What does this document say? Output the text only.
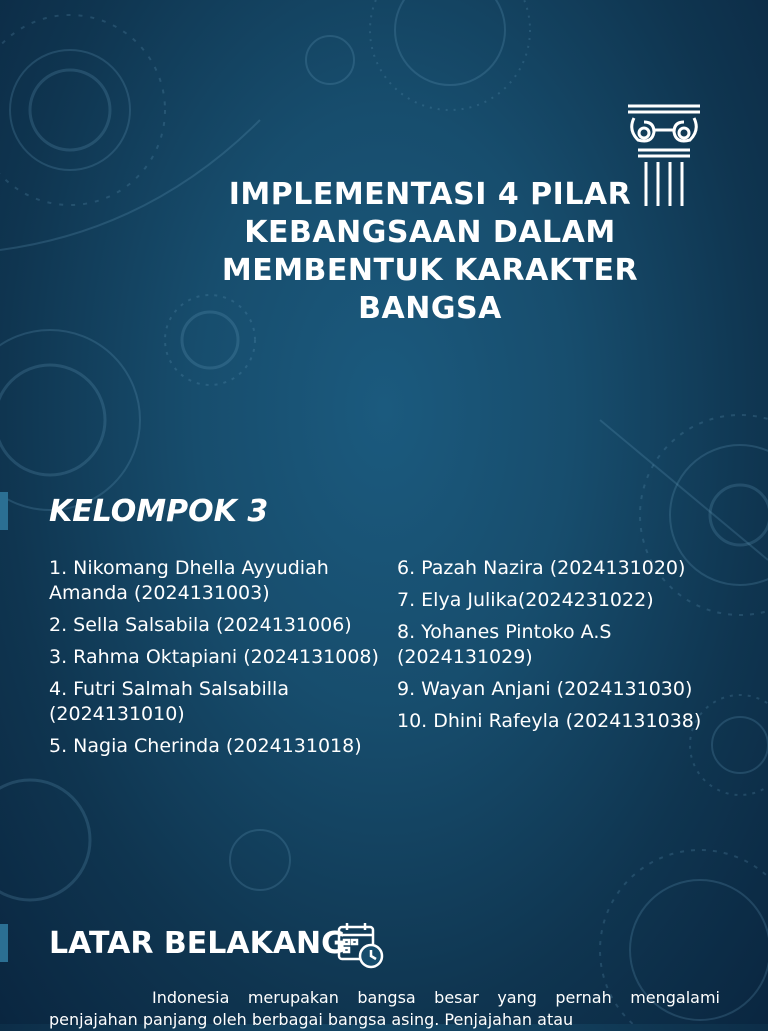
IMPLEMENTASI 4 PILAR
KEBANGSAAN DALAM
MEMBENTUK KARAKTER
BANGSA
KELOMPOK 3
1. Nikomang Dhella Ayyudiah Amanda (2024131003)
2. Sella Salsabila (2024131006)
3. Rahma Oktapiani (2024131008)
4. Futri Salmah Salsabilla (2024131010)
5. Nagia Cherinda (2024131018)
6. Pazah Nazira (2024131020)
7. Elya Julika(2024231022)
8. Yohanes Pintoko A.S (2024131029)
9. Wayan Anjani (2024131030)
10. Dhini Rafeyla (2024131038)
LATAR BELAKANG

Indonesia merupakan bangsa besar yang pernah mengalami penjajahan panjang oleh berbagai bangsa asing. Penjajahan atau
